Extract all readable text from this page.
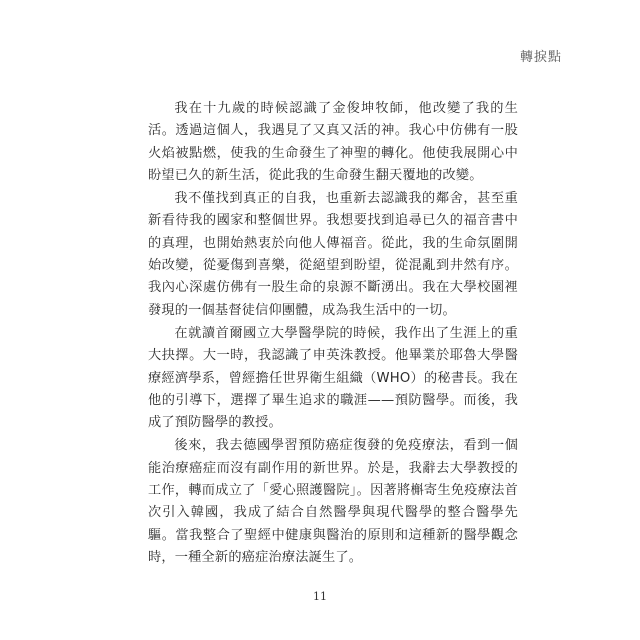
轉捩點

我在十九歲的時候認識了金俊坤牧師，他改變了我的生活。透過這個人，我遇見了又真又活的神。我心中仿佛有一股火焰被點燃，使我的生命發生了神聖的轉化。他使我展開心中盼望已久的新生活，從此我的生命發生翻天覆地的改變。

我不僅找到真正的自我，也重新去認識我的鄰舍，甚至重新看待我的國家和整個世界。我想要找到追尋已久的福音書中的真理，也開始熱衷於向他人傳福音。從此，我的生命氛圍開始改變，從憂傷到喜樂，從絕望到盼望，從混亂到井然有序。我內心深處仿佛有一股生命的泉源不斷湧出。我在大學校園裡發現的一個基督徒信仰團體，成為我生活中的一切。

在就讀首爾國立大學醫學院的時候，我作出了生涯上的重大抉擇。大一時，我認識了申英洙教授。他畢業於耶魯大學醫療經濟學系，曾經擔任世界衛生組織（WHO）的秘書長。我在他的引導下，選擇了畢生追求的職涯——預防醫學。而後，我成了預防醫學的教授。

後來，我去德國學習預防癌症復發的免疫療法，看到一個能治療癌症而沒有副作用的新世界。於是，我辭去大學教授的工作，轉而成立了「愛心照護醫院」。因著將槲寄生免疫療法首次引入韓國，我成了結合自然醫學與現代醫學的整合醫學先驅。當我整合了聖經中健康與醫治的原則和這種新的醫學觀念時，一種全新的癌症治療法誕生了。

11
